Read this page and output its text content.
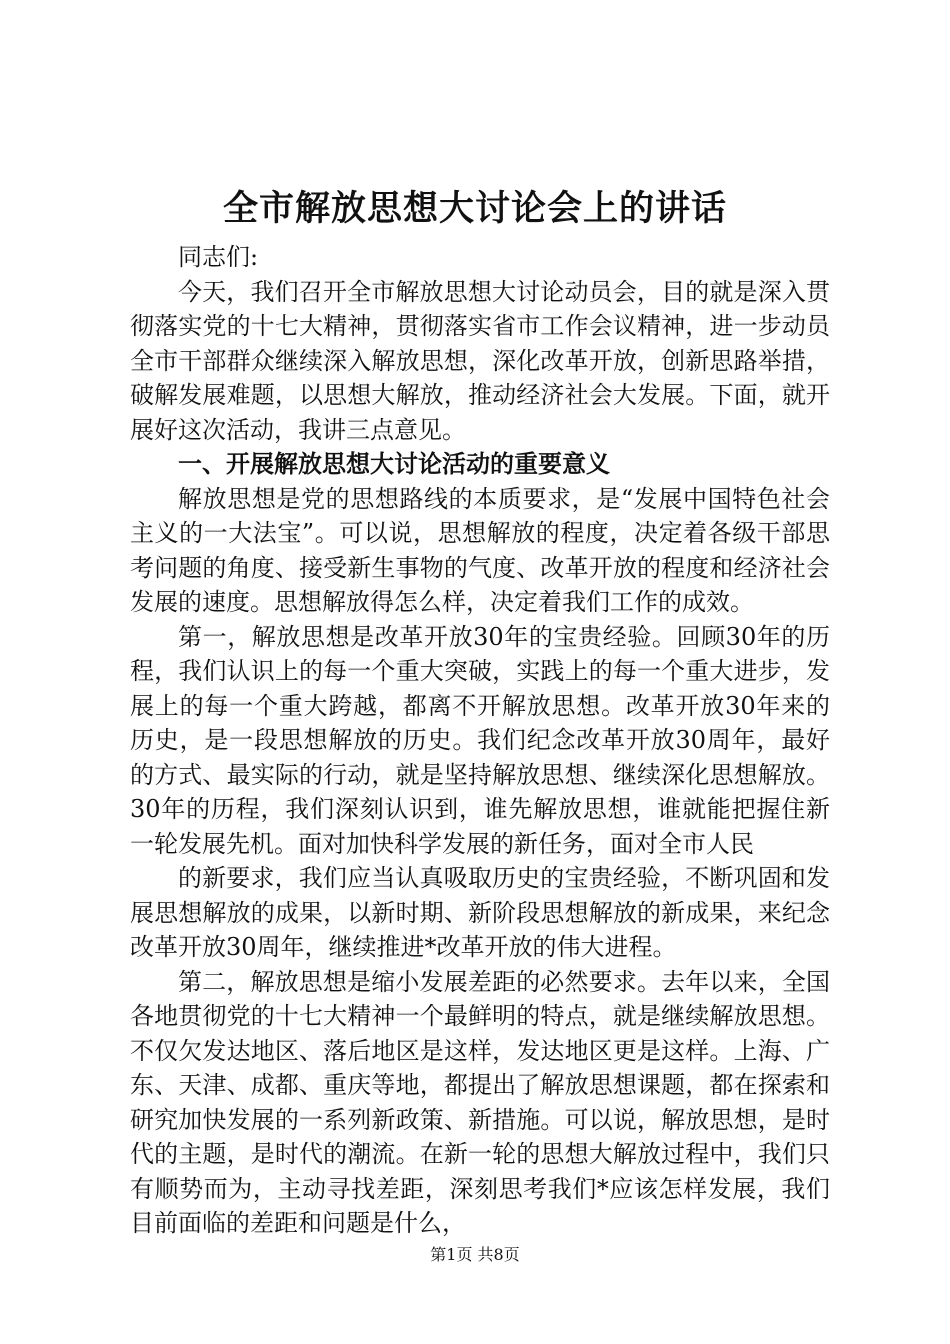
全市解放思想大讨论会上的讲话

同志们:

今天，我们召开全市解放思想大讨论动员会，目的就是深入贯彻落实党的十七大精神，贯彻落实省市工作会议精神，进一步动员全市干部群众继续深入解放思想，深化改革开放，创新思路举措，破解发展难题，以思想大解放，推动经济社会大发展。下面，就开展好这次活动，我讲三点意见。

一、开展解放思想大讨论活动的重要意义

解放思想是党的思想路线的本质要求，是“发展中国特色社会主义的一大法宝”。可以说，思想解放的程度，决定着各级干部思考问题的角度、接受新生事物的气度、改革开放的程度和经济社会发展的速度。思想解放得怎么样，决定着我们工作的成效。

第一，解放思想是改革开放30年的宝贵经验。回顾30年的历程，我们认识上的每一个重大突破，实践上的每一个重大进步，发展上的每一个重大跨越，都离不开解放思想。改革开放30年来的历史，是一段思想解放的历史。我们纪念改革开放30周年，最好的方式、最实际的行动，就是坚持解放思想、继续深化思想解放。30年的历程，我们深刻认识到，谁先解放思想，谁就能把握住新一轮发展先机。面对加快科学发展的新任务，面对全市人民

的新要求，我们应当认真吸取历史的宝贵经验，不断巩固和发展思想解放的成果，以新时期、新阶段思想解放的新成果，来纪念改革开放30周年，继续推进*改革开放的伟大进程。

第二，解放思想是缩小发展差距的必然要求。去年以来，全国各地贯彻党的十七大精神一个最鲜明的特点，就是继续解放思想。不仅欠发达地区、落后地区是这样，发达地区更是这样。上海、广东、天津、成都、重庆等地，都提出了解放思想课题，都在探索和研究加快发展的一系列新政策、新措施。可以说，解放思想，是时代的主题，是时代的潮流。在新一轮的思想大解放过程中，我们只有顺势而为，主动寻找差距，深刻思考我们*应该怎样发展，我们目前面临的差距和问题是什么，

第1页 共8页
